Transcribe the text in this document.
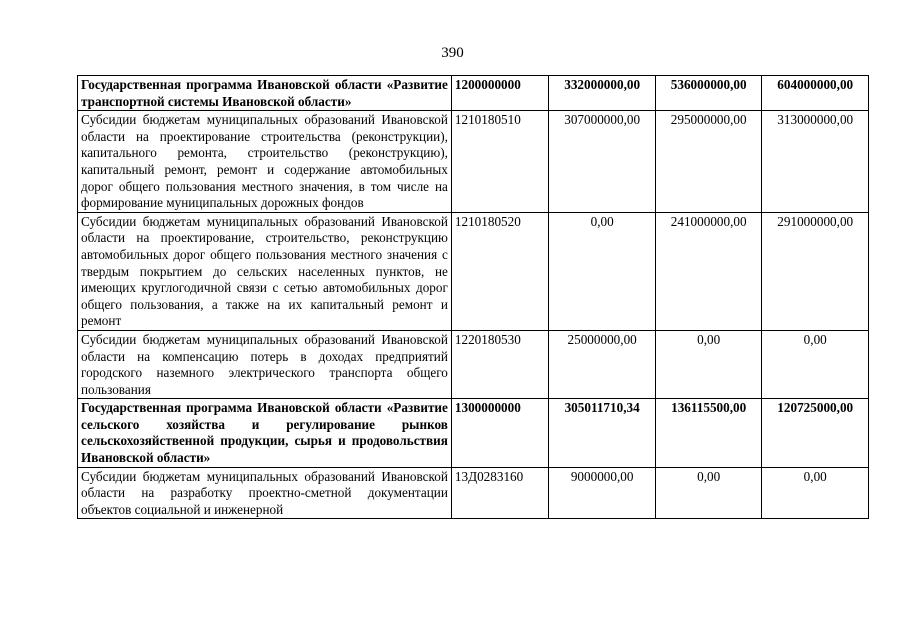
390
Государственная программа Ивановской области «Развитие транспортной системы Ивановской области»	1200000000	332000000,00	536000000,00	604000000,00
Субсидии бюджетам муниципальных образований Ивановской области на проектирование строительства (реконструкции), капитального ремонта, строительство (реконструкцию), капитальный ремонт, ремонт и содержание автомобильных дорог общего пользования местного значения, в том числе на формирование муниципальных дорожных фондов	1210180510	307000000,00	295000000,00	313000000,00
Субсидии бюджетам муниципальных образований Ивановской области на проектирование, строительство, реконструкцию автомобильных дорог общего пользования местного значения с твердым покрытием до сельских населенных пунктов, не имеющих круглогодичной связи с сетью автомобильных дорог общего пользования, а также на их капитальный ремонт и ремонт	1210180520	0,00	241000000,00	291000000,00
Субсидии бюджетам муниципальных образований Ивановской области на компенсацию потерь в доходах предприятий городского наземного электрического транспорта общего пользования	1220180530	25000000,00	0,00	0,00
Государственная программа Ивановской области «Развитие сельского хозяйства и регулирование рынков сельскохозяйственной продукции, сырья и продовольствия Ивановской области»	1300000000	305011710,34	136115500,00	120725000,00
Субсидии бюджетам муниципальных образований Ивановской области на разработку проектно-сметной документации объектов социальной и инженерной	13Д0283160	9000000,00	0,00	0,00
